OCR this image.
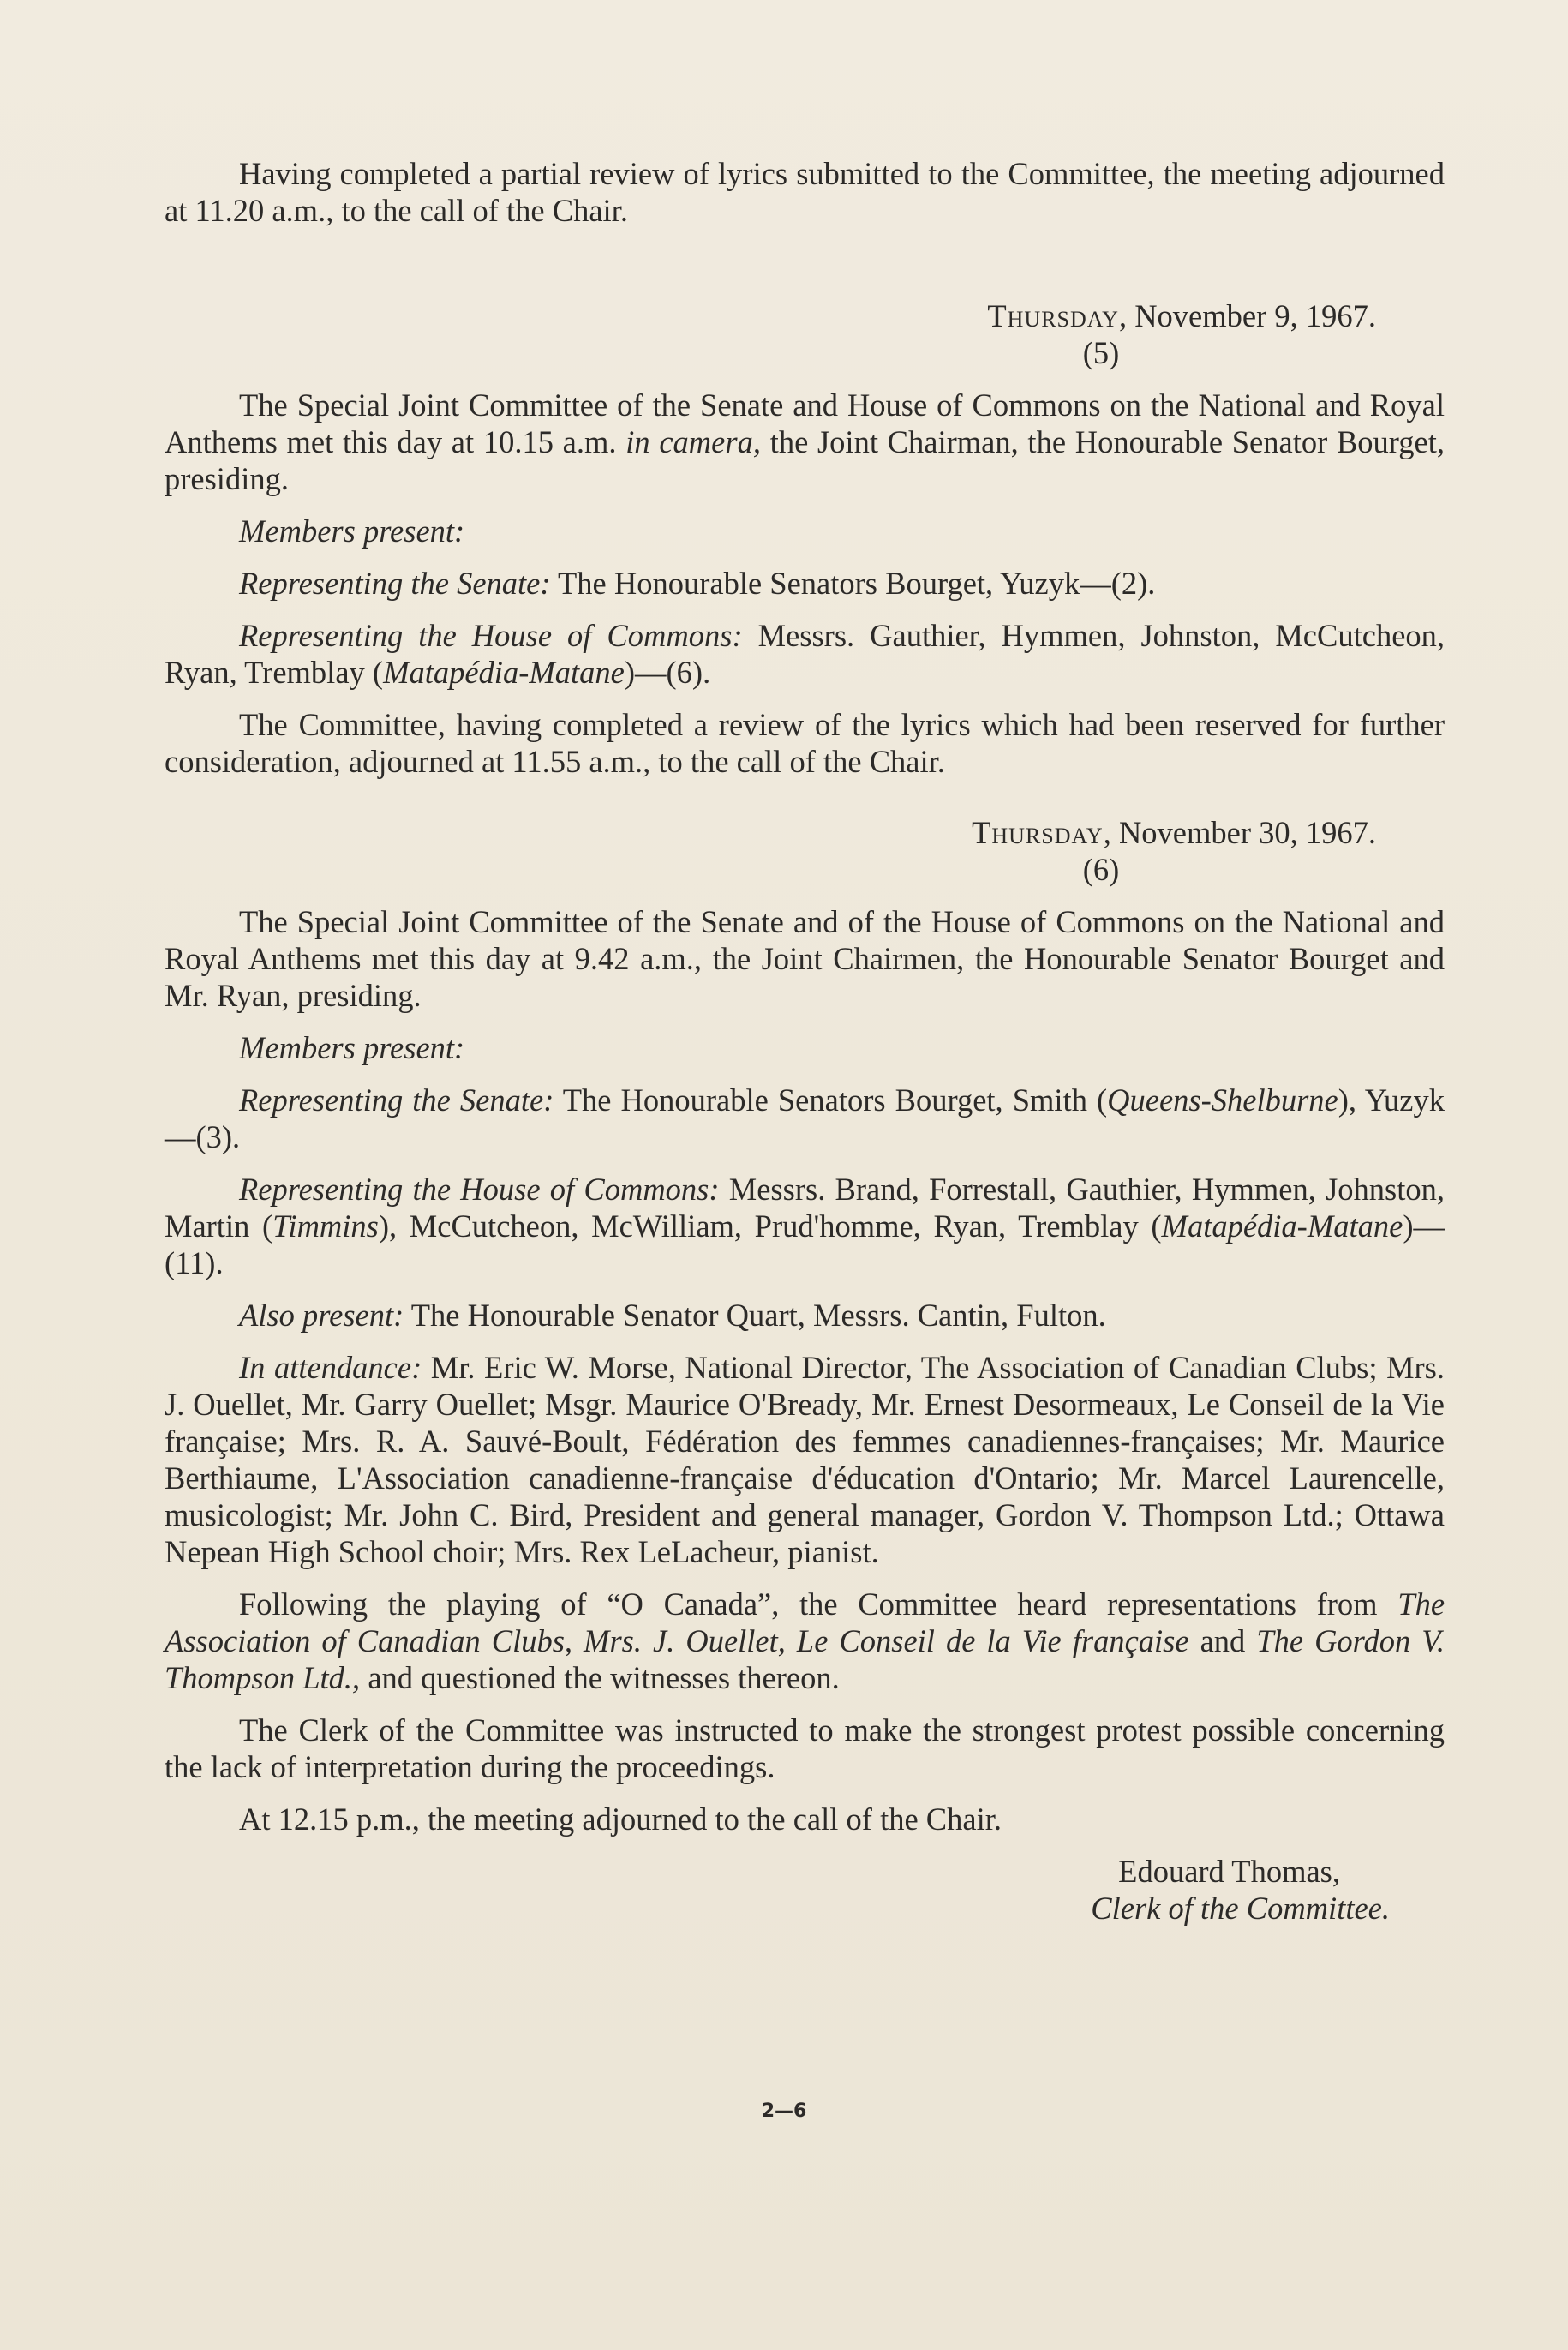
Having completed a partial review of lyrics submitted to the Committee, the meeting adjourned at 11.20 a.m., to the call of the Chair.

Thursday, November 9, 1967.

(5)

The Special Joint Committee of the Senate and House of Commons on the National and Royal Anthems met this day at 10.15 a.m. in camera, the Joint Chairman, the Honourable Senator Bourget, presiding.

Members present:

Representing the Senate: The Honourable Senators Bourget, Yuzyk—(2).

Representing the House of Commons: Messrs. Gauthier, Hymmen, Johnston, McCutcheon, Ryan, Tremblay (Matapédia-Matane)—(6).

The Committee, having completed a review of the lyrics which had been reserved for further consideration, adjourned at 11.55 a.m., to the call of the Chair.

Thursday, November 30, 1967.

(6)

The Special Joint Committee of the Senate and of the House of Commons on the National and Royal Anthems met this day at 9.42 a.m., the Joint Chairmen, the Honourable Senator Bourget and Mr. Ryan, presiding.

Members present:

Representing the Senate: The Honourable Senators Bourget, Smith (Queens-Shelburne), Yuzyk—(3).

Representing the House of Commons: Messrs. Brand, Forrestall, Gauthier, Hymmen, Johnston, Martin (Timmins), McCutcheon, McWilliam, Prud'homme, Ryan, Tremblay (Matapédia-Matane)—(11).

Also present: The Honourable Senator Quart, Messrs. Cantin, Fulton.

In attendance: Mr. Eric W. Morse, National Director, The Association of Canadian Clubs; Mrs. J. Ouellet, Mr. Garry Ouellet; Msgr. Maurice O'Bready, Mr. Ernest Desormeaux, Le Conseil de la Vie française; Mrs. R. A. Sauvé-Boult, Fédération des femmes canadiennes-françaises; Mr. Maurice Berthiaume, L'Association canadienne-française d'éducation d'Ontario; Mr. Marcel Laurencelle, musicologist; Mr. John C. Bird, President and general manager, Gordon V. Thompson Ltd.; Ottawa Nepean High School choir; Mrs. Rex LeLacheur, pianist.

Following the playing of “O Canada”, the Committee heard representations from The Association of Canadian Clubs, Mrs. J. Ouellet, Le Conseil de la Vie française and The Gordon V. Thompson Ltd., and questioned the witnesses thereon.

The Clerk of the Committee was instructed to make the strongest protest possible concerning the lack of interpretation during the proceedings.

At 12.15 p.m., the meeting adjourned to the call of the Chair.

Edouard Thomas,

Clerk of the Committee.

2—6
